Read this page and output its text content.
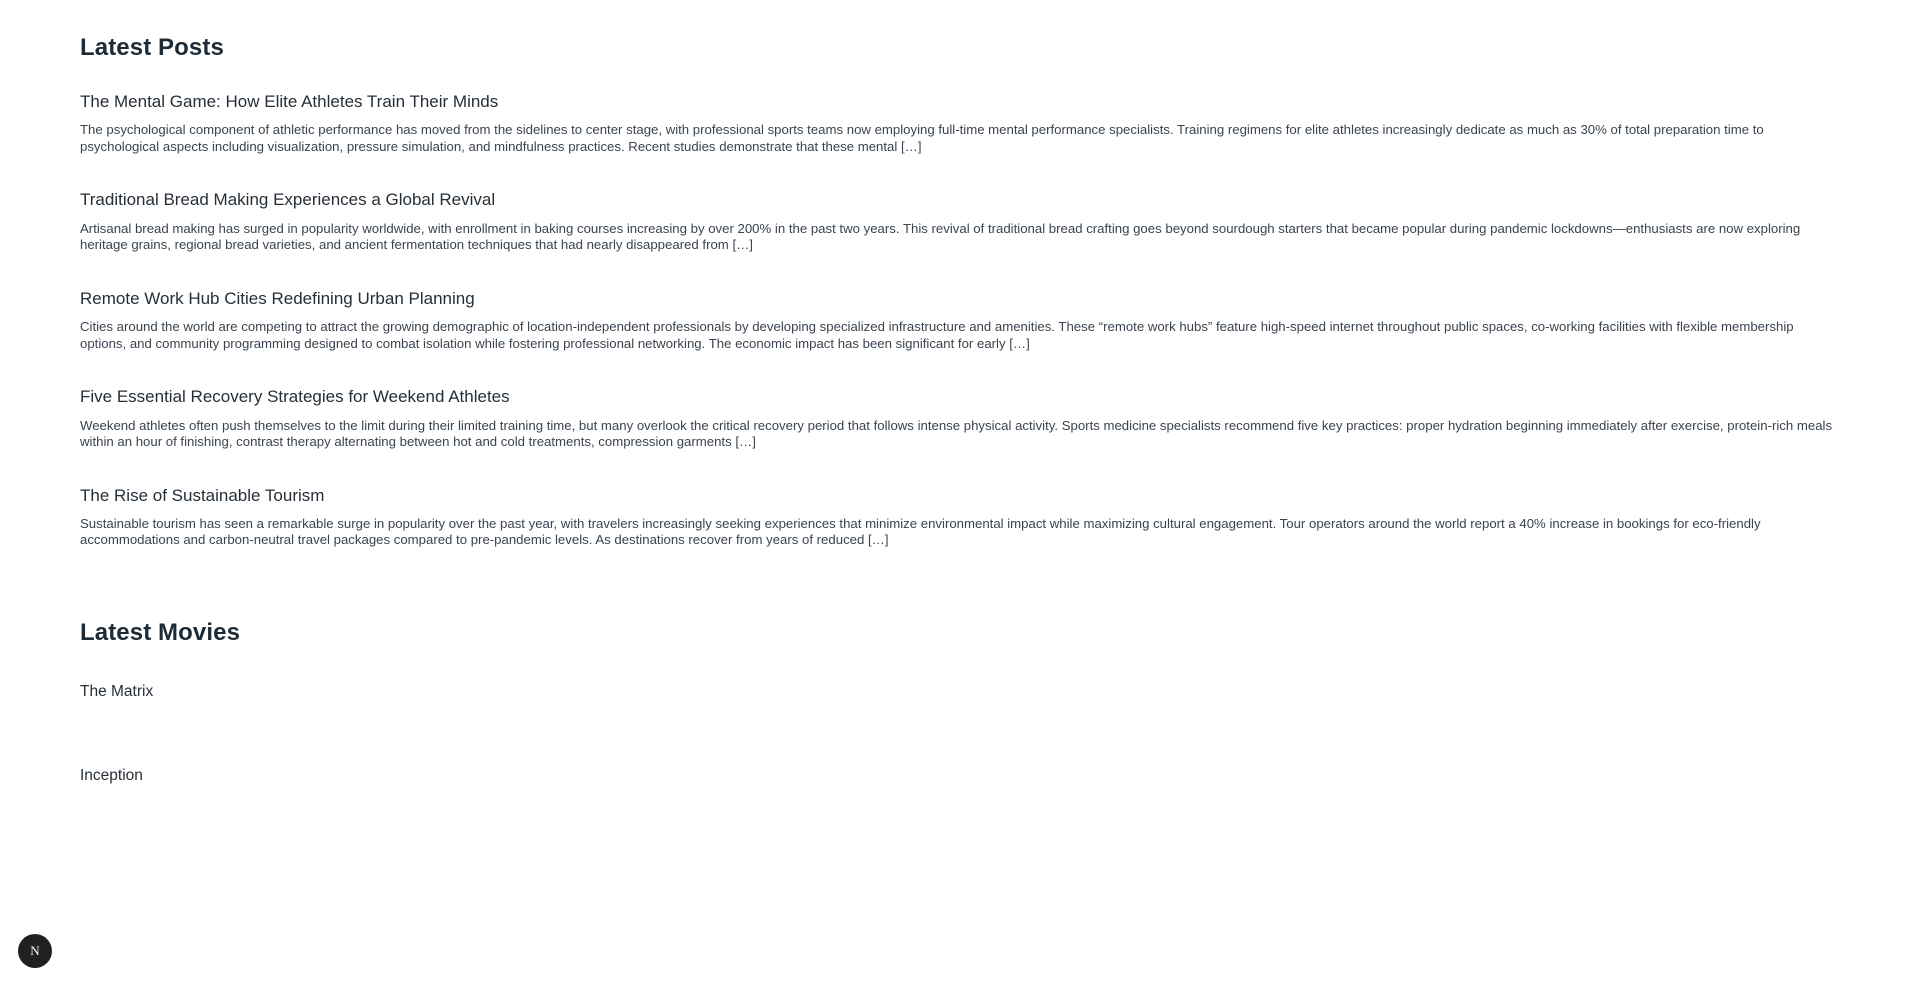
Latest Posts
The Mental Game: How Elite Athletes Train Their Minds

The psychological component of athletic performance has moved from the sidelines to center stage, with professional sports teams now employing full-time mental performance specialists. Training regimens for elite athletes increasingly dedicate as much as 30% of total preparation time to psychological aspects including visualization, pressure simulation, and mindfulness practices. Recent studies demonstrate that these mental […]

Traditional Bread Making Experiences a Global Revival

Artisanal bread making has surged in popularity worldwide, with enrollment in baking courses increasing by over 200% in the past two years. This revival of traditional bread crafting goes beyond sourdough starters that became popular during pandemic lockdowns—enthusiasts are now exploring heritage grains, regional bread varieties, and ancient fermentation techniques that had nearly disappeared from […]

Remote Work Hub Cities Redefining Urban Planning

Cities around the world are competing to attract the growing demographic of location-independent professionals by developing specialized infrastructure and amenities. These “remote work hubs” feature high-speed internet throughout public spaces, co-working facilities with flexible membership options, and community programming designed to combat isolation while fostering professional networking. The economic impact has been significant for early […]

Five Essential Recovery Strategies for Weekend Athletes

Weekend athletes often push themselves to the limit during their limited training time, but many overlook the critical recovery period that follows intense physical activity. Sports medicine specialists recommend five key practices: proper hydration beginning immediately after exercise, protein-rich meals within an hour of finishing, contrast therapy alternating between hot and cold treatments, compression garments […]

The Rise of Sustainable Tourism

Sustainable tourism has seen a remarkable surge in popularity over the past year, with travelers increasingly seeking experiences that minimize environmental impact while maximizing cultural engagement. Tour operators around the world report a 40% increase in bookings for eco-friendly accommodations and carbon-neutral travel packages compared to pre-pandemic levels. As destinations recover from years of reduced […]

Latest Movies
The Matrix
Inception
N
